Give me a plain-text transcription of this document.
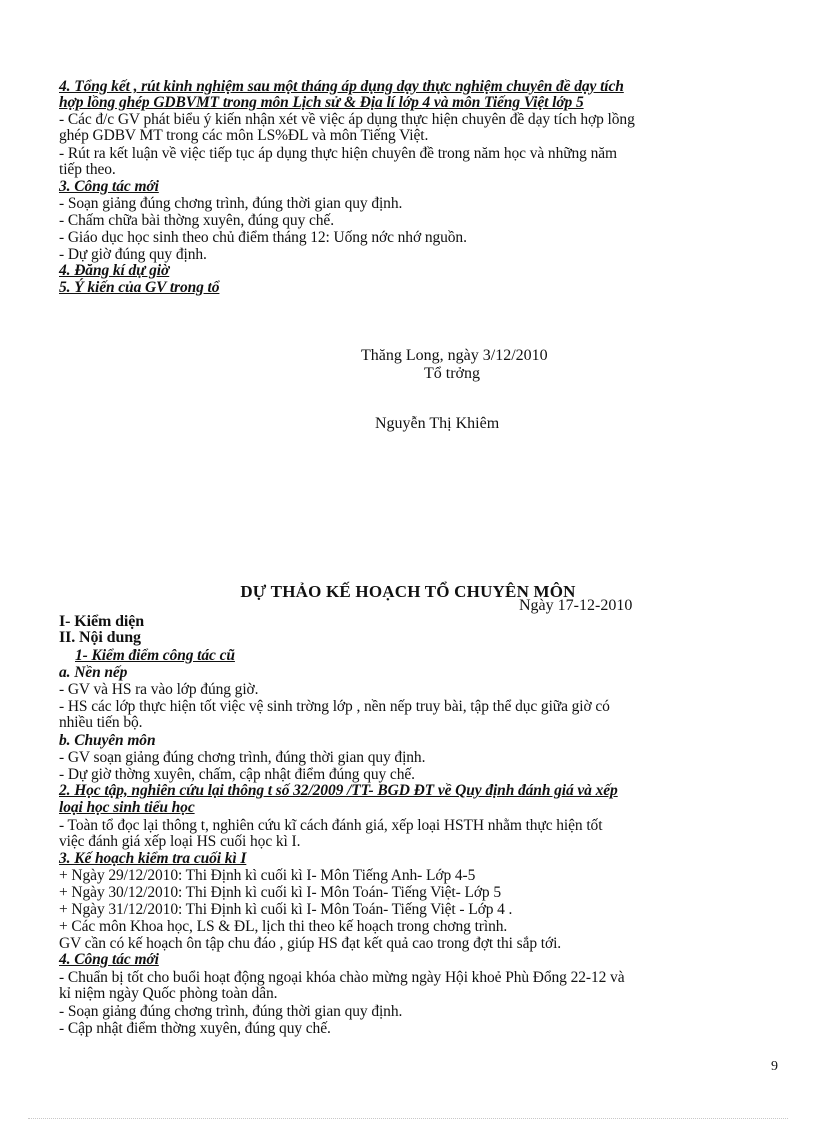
4. Tổng kết , rút kinh nghiệm sau một tháng áp dụng dạy thực nghiệm chuyên đề dạy tích
hợp lồng ghép GDBVMT trong môn Lịch sử & Địa lí lớp 4 và môn Tiếng Việt lớp 5
- Các đ/c GV phát biểu ý kiến nhận xét về việc áp dụng thực hiện chuyên đề dạy tích hợp lồng
ghép GDBV MT trong các môn LS%ĐL và môn Tiếng Việt.
- Rút ra kết luận về việc tiếp tục áp dụng thực hiện chuyên đề trong năm học và những năm
tiếp theo.
3. Công tác mới
- Soạn giảng đúng chơng trình, đúng thời gian quy định.
- Chấm chữa bài thờng xuyên, đúng quy chế.
- Giáo dục học sinh theo chủ điểm tháng 12: Uống nớc nhớ nguồn.
- Dự giờ đúng quy định.
4. Đăng kí dự giờ
5. Ý kiến của GV trong tổ
Thăng Long, ngày 3/12/2010
Tổ trởng
Nguyễn Thị Khiêm
DỰ THẢO KẾ HOẠCH TỔ CHUYÊN MÔN
Ngày 17-12-2010
I- Kiểm diện
II. Nội dung
1- Kiểm điểm công tác cũ
a. Nền nếp
- GV và HS ra vào lớp đúng giờ.
- HS các lớp thực hiện tốt việc vệ sinh trờng lớp , nền nếp truy bài, tập thể dục giữa giờ có
nhiều tiến bộ.
b. Chuyên môn
- GV soạn giảng đúng chơng trình, đúng thời gian quy định.
- Dự giờ thờng xuyên, chấm, cập nhật điểm đúng quy chế.
2. Học tập, nghiên cứu lại thông t số 32/2009 /TT- BGD ĐT về Quy định đánh giá và xếp
loại học sinh tiểu học
- Toàn tổ đọc lại thông t, nghiên cứu kĩ cách đánh giá, xếp loại HSTH nhằm thực hiện tốt
việc đánh giá xếp loại HS cuối học kì I.
3. Kế hoạch kiểm tra cuối kì I
+ Ngày 29/12/2010: Thi Định kì cuối kì I- Môn Tiếng Anh- Lớp 4-5
+ Ngày 30/12/2010: Thi Định kì cuối kì I- Môn Toán- Tiếng Việt- Lớp 5
+ Ngày 31/12/2010: Thi Định kì cuối kì I- Môn Toán- Tiếng Việt - Lớp 4 .
+ Các môn Khoa học, LS & ĐL, lịch thi theo kế hoạch trong chơng trình.
GV cần có kế hoạch ôn tập chu đáo , giúp HS đạt kết quả cao trong đợt thi sắp tới.
4. Công tác mới
- Chuẩn bị tốt cho buổi hoạt động ngoại khóa chào mừng ngày Hội khoẻ Phù Đổng 22-12 và
kỉ niệm ngày Quốc phòng toàn dân.
- Soạn giảng đúng chơng trình, đúng thời gian quy định.
- Cập nhật điểm thờng xuyên, đúng quy chế.
9
